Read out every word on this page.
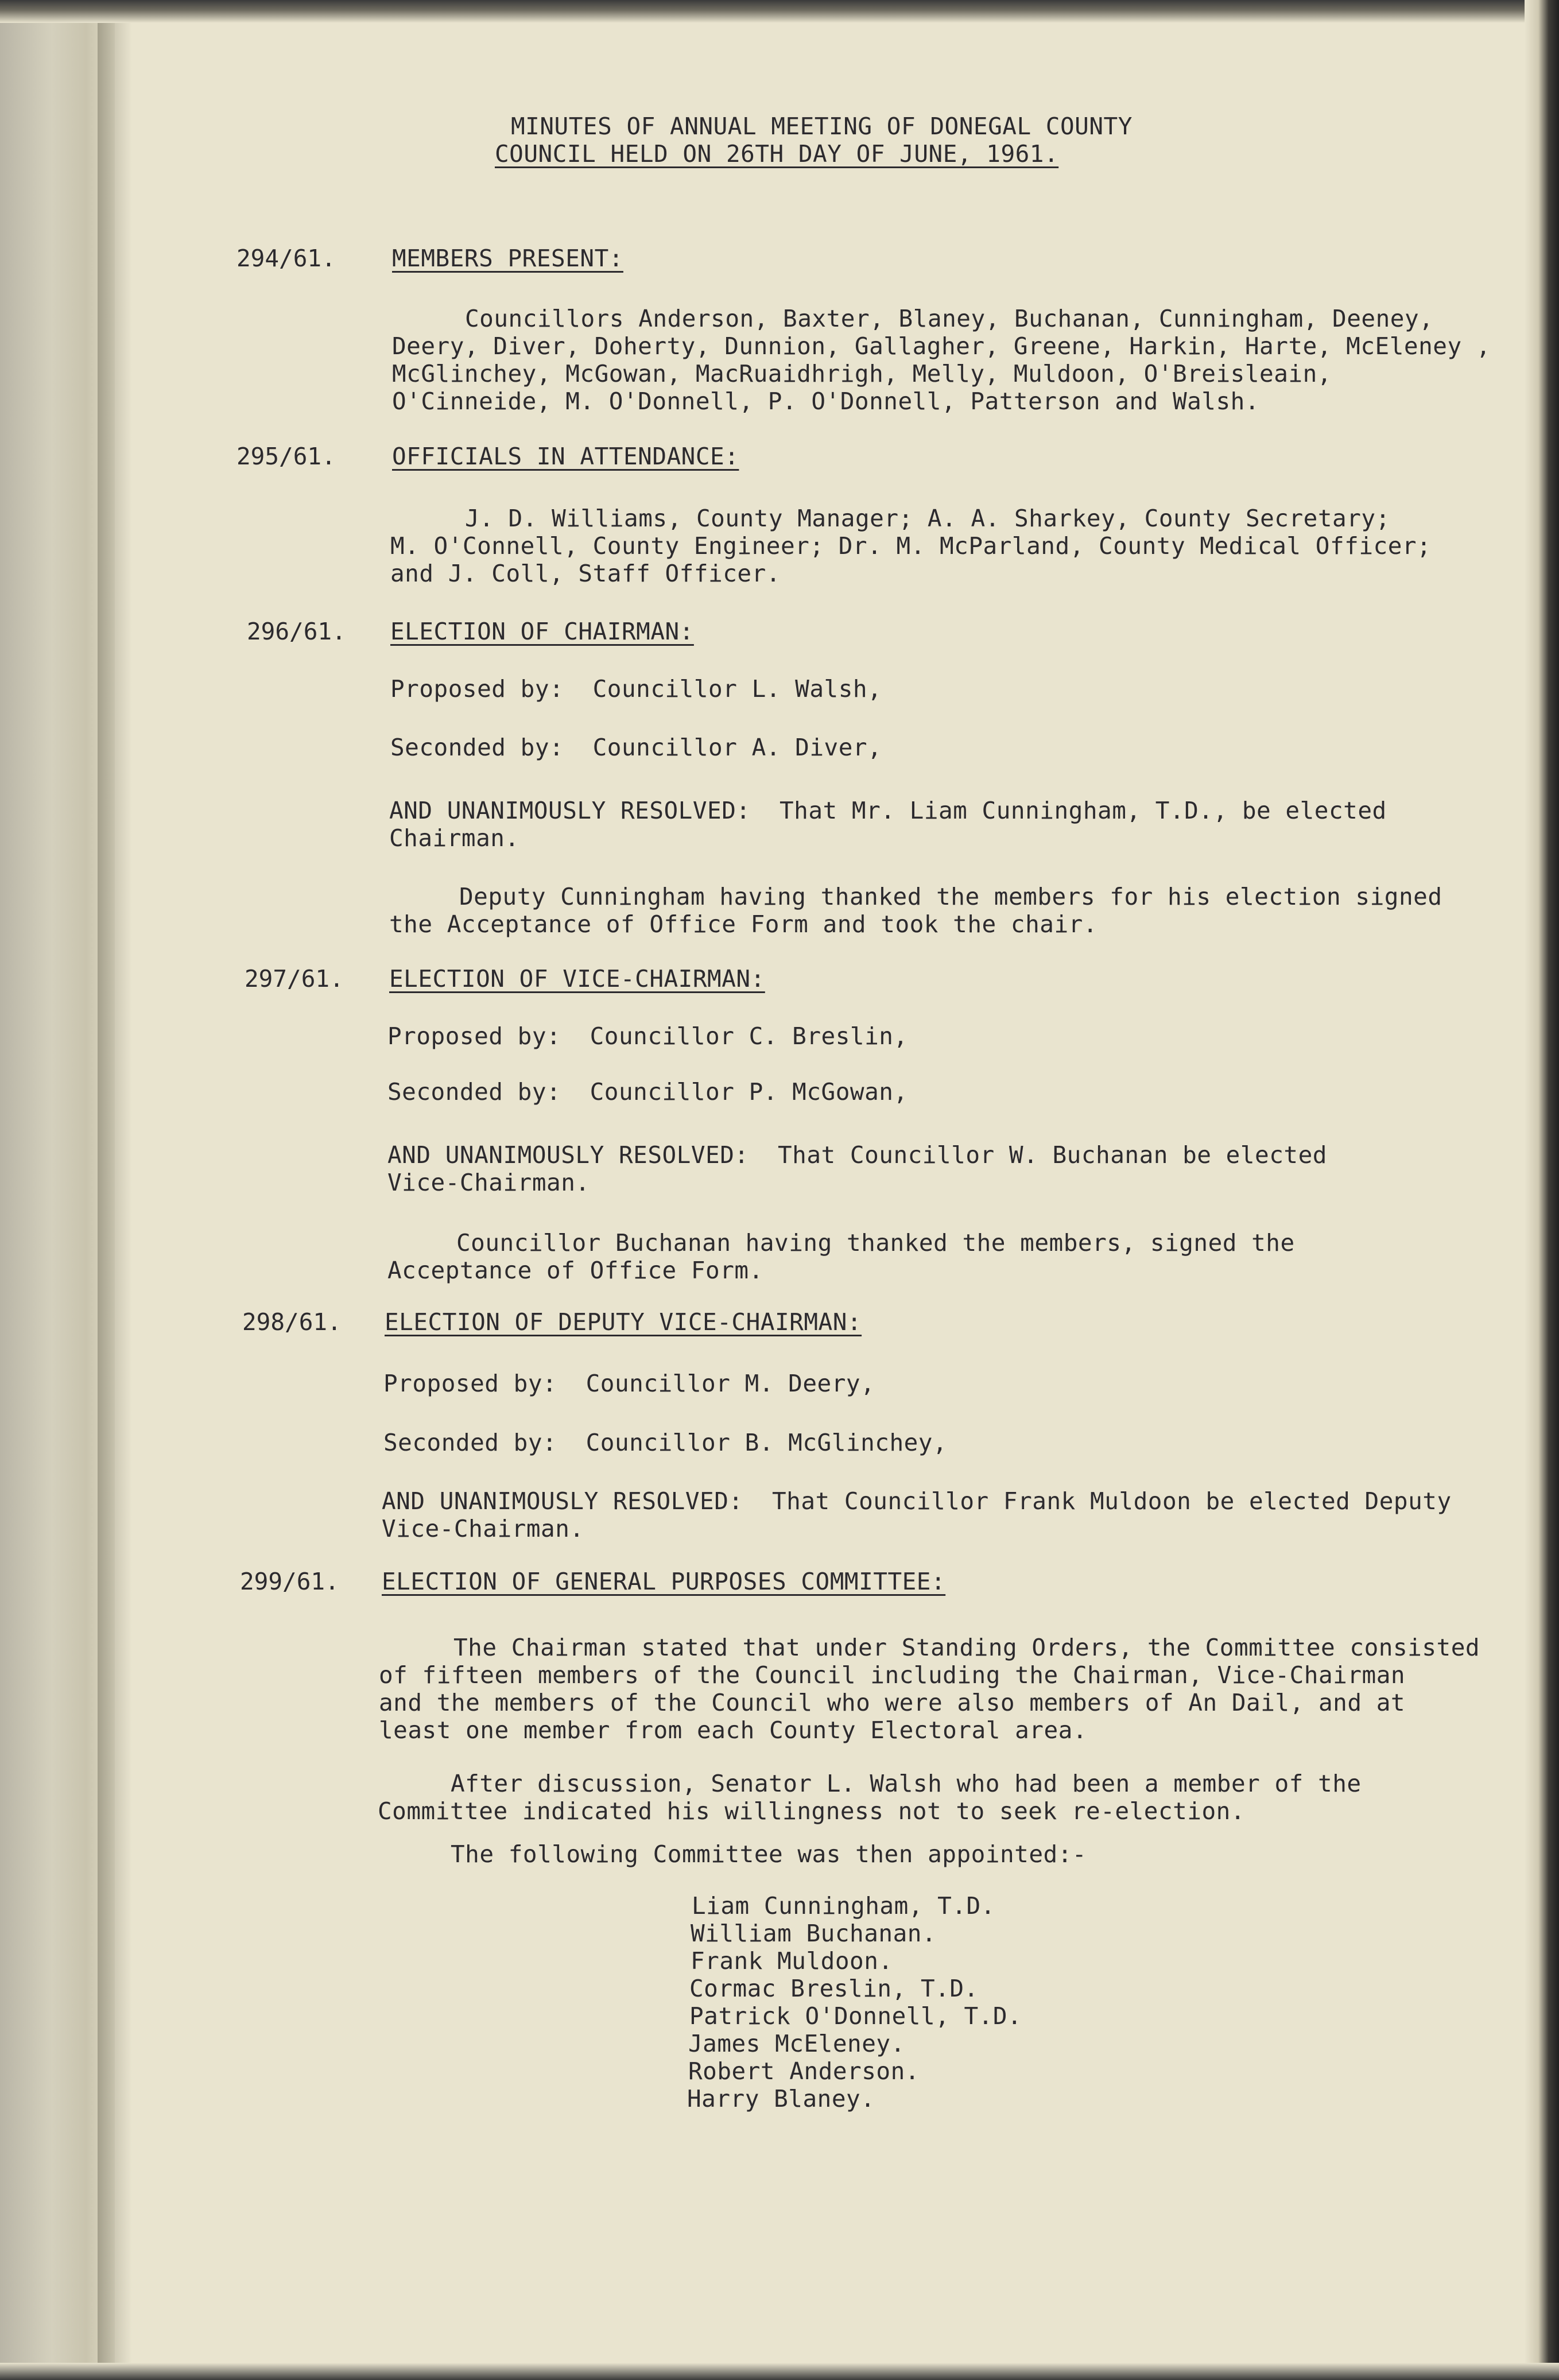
MINUTES OF ANNUAL MEETING OF DONEGAL COUNTY
COUNCIL HELD ON 26TH DAY OF JUNE, 1961.
294/61. MEMBERS PRESENT:
Councillors Anderson, Baxter, Blaney, Buchanan, Cunningham, Deeney,
Deery, Diver, Doherty, Dunnion, Gallagher, Greene, Harkin, Harte, McEleney ,
McGlinchey, McGowan, MacRuaidhrigh, Melly, Muldoon, O'Breisleain,
O'Cinneide, M. O'Donnell, P. O'Donnell, Patterson and Walsh.
295/61. OFFICIALS IN ATTENDANCE:
J. D. Williams, County Manager; A. A. Sharkey, County Secretary;
M. O'Connell, County Engineer; Dr. M. McParland, County Medical Officer;
and J. Coll, Staff Officer.
296/61. ELECTION OF CHAIRMAN:
Proposed by:  Councillor L. Walsh,
Seconded by:  Councillor A. Diver,
AND UNANIMOUSLY RESOLVED:  That Mr. Liam Cunningham, T.D., be elected
Chairman.
Deputy Cunningham having thanked the members for his election signed
the Acceptance of Office Form and took the chair.
297/61. ELECTION OF VICE-CHAIRMAN:
Proposed by:  Councillor C. Breslin,
Seconded by:  Councillor P. McGowan,
AND UNANIMOUSLY RESOLVED:  That Councillor W. Buchanan be elected
Vice-Chairman.
Councillor Buchanan having thanked the members, signed the
Acceptance of Office Form.
298/61. ELECTION OF DEPUTY VICE-CHAIRMAN:
Proposed by:  Councillor M. Deery,
Seconded by:  Councillor B. McGlinchey,
AND UNANIMOUSLY RESOLVED:  That Councillor Frank Muldoon be elected Deputy
Vice-Chairman.
299/61. ELECTION OF GENERAL PURPOSES COMMITTEE:
The Chairman stated that under Standing Orders, the Committee consisted
of fifteen members of the Council including the Chairman, Vice-Chairman
and the members of the Council who were also members of An Dail, and at
least one member from each County Electoral area.
After discussion, Senator L. Walsh who had been a member of the
Committee indicated his willingness not to seek re-election.
The following Committee was then appointed:-
Liam Cunningham, T.D.
William Buchanan.
Frank Muldoon.
Cormac Breslin, T.D.
Patrick O'Donnell, T.D.
James McEleney.
Robert Anderson.
Harry Blaney.
